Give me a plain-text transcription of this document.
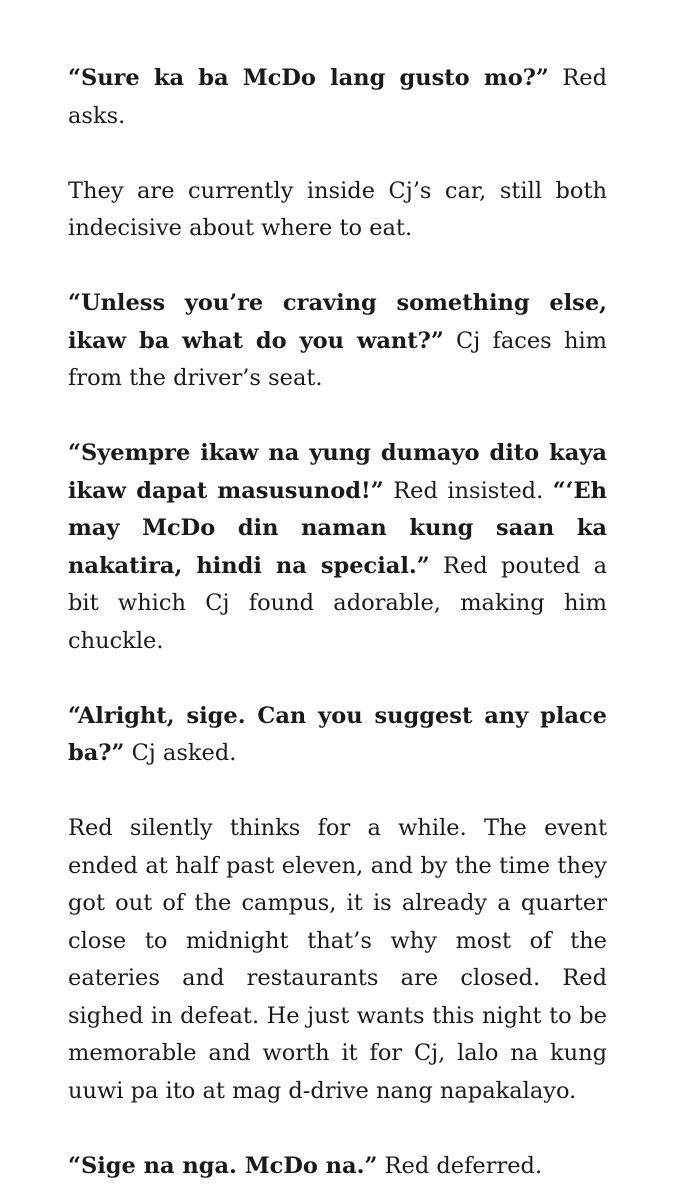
“Sure ka ba McDo lang gusto mo?” Red asks.

They are currently inside Cj’s car, still both indecisive about where to eat.

“Unless you’re craving something else, ikaw ba what do you want?” Cj faces him from the driver’s seat.

“Syempre ikaw na yung dumayo dito kaya ikaw dapat masusunod!” Red insisted. “‘Eh may McDo din naman kung saan ka nakatira, hindi na special.” Red pouted a bit which Cj found adorable, making him chuckle.

“Alright, sige. Can you suggest any place ba?” Cj asked.

Red silently thinks for a while. The event ended at half past eleven, and by the time they got out of the campus, it is already a quarter close to midnight that’s why most of the eateries and restaurants are closed. Red sighed in defeat. He just wants this night to be memorable and worth it for Cj, lalo na kung uuwi pa ito at mag d-drive nang napakalayo.

“Sige na nga. McDo na.” Red deferred.
